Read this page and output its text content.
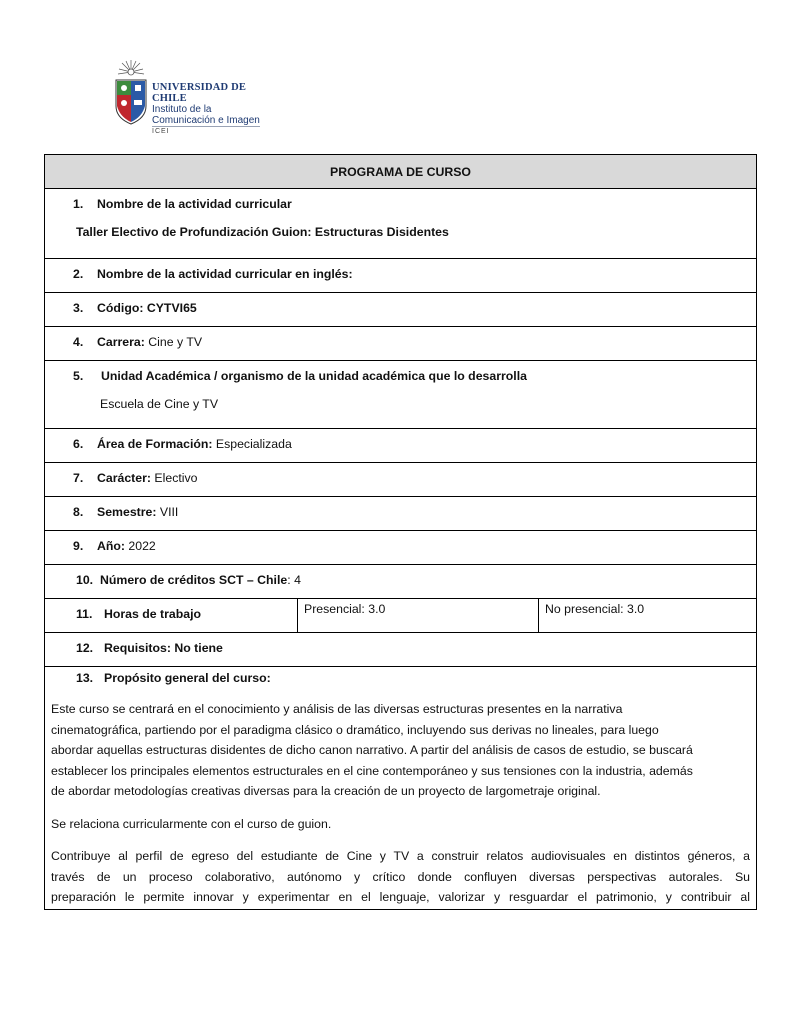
UNIVERSIDAD DE CHILE
Instituto de la
Comunicación e Imagen
ICEI
PROGRAMA DE CURSO

1. Nombre de la actividad curricular
Taller Electivo de Profundización Guion: Estructuras Disidentes

2. Nombre de la actividad curricular en inglés:

3. Código: CYTVI65

4. Carrera: Cine y TV

5. Unidad Académica / organismo de la unidad académica que lo desarrolla
Escuela de Cine y TV

6. Área de Formación: Especializada

7. Carácter: Electivo

8. Semestre: VIII

9. Año: 2022

10. Número de créditos SCT – Chile: 4

11. Horas de trabajo	Presencial: 3.0	No presencial: 3.0

12. Requisitos: No tiene

13. Propósito general del curso:
Este curso se centrará en el conocimiento y análisis de las diversas estructuras presentes en la narrativa
cinematográfica, partiendo por el paradigma clásico o dramático, incluyendo sus derivas no lineales, para luego
abordar aquellas estructuras disidentes de dicho canon narrativo. A partir del análisis de casos de estudio, se buscará
establecer los principales elementos estructurales en el cine contemporáneo y sus tensiones con la industria, además
de abordar metodologías creativas diversas para la creación de un proyecto de largometraje original.
Se relaciona curricularmente con el curso de guion.
Contribuye al perfil de egreso del estudiante de Cine y TV a construir relatos audiovisuales en distintos géneros, a
través de un proceso colaborativo, autónomo y crítico donde confluyen diversas perspectivas autorales. Su
preparación le permite innovar y experimentar en el lenguaje, valorizar y resguardar el patrimonio, y contribuir al
